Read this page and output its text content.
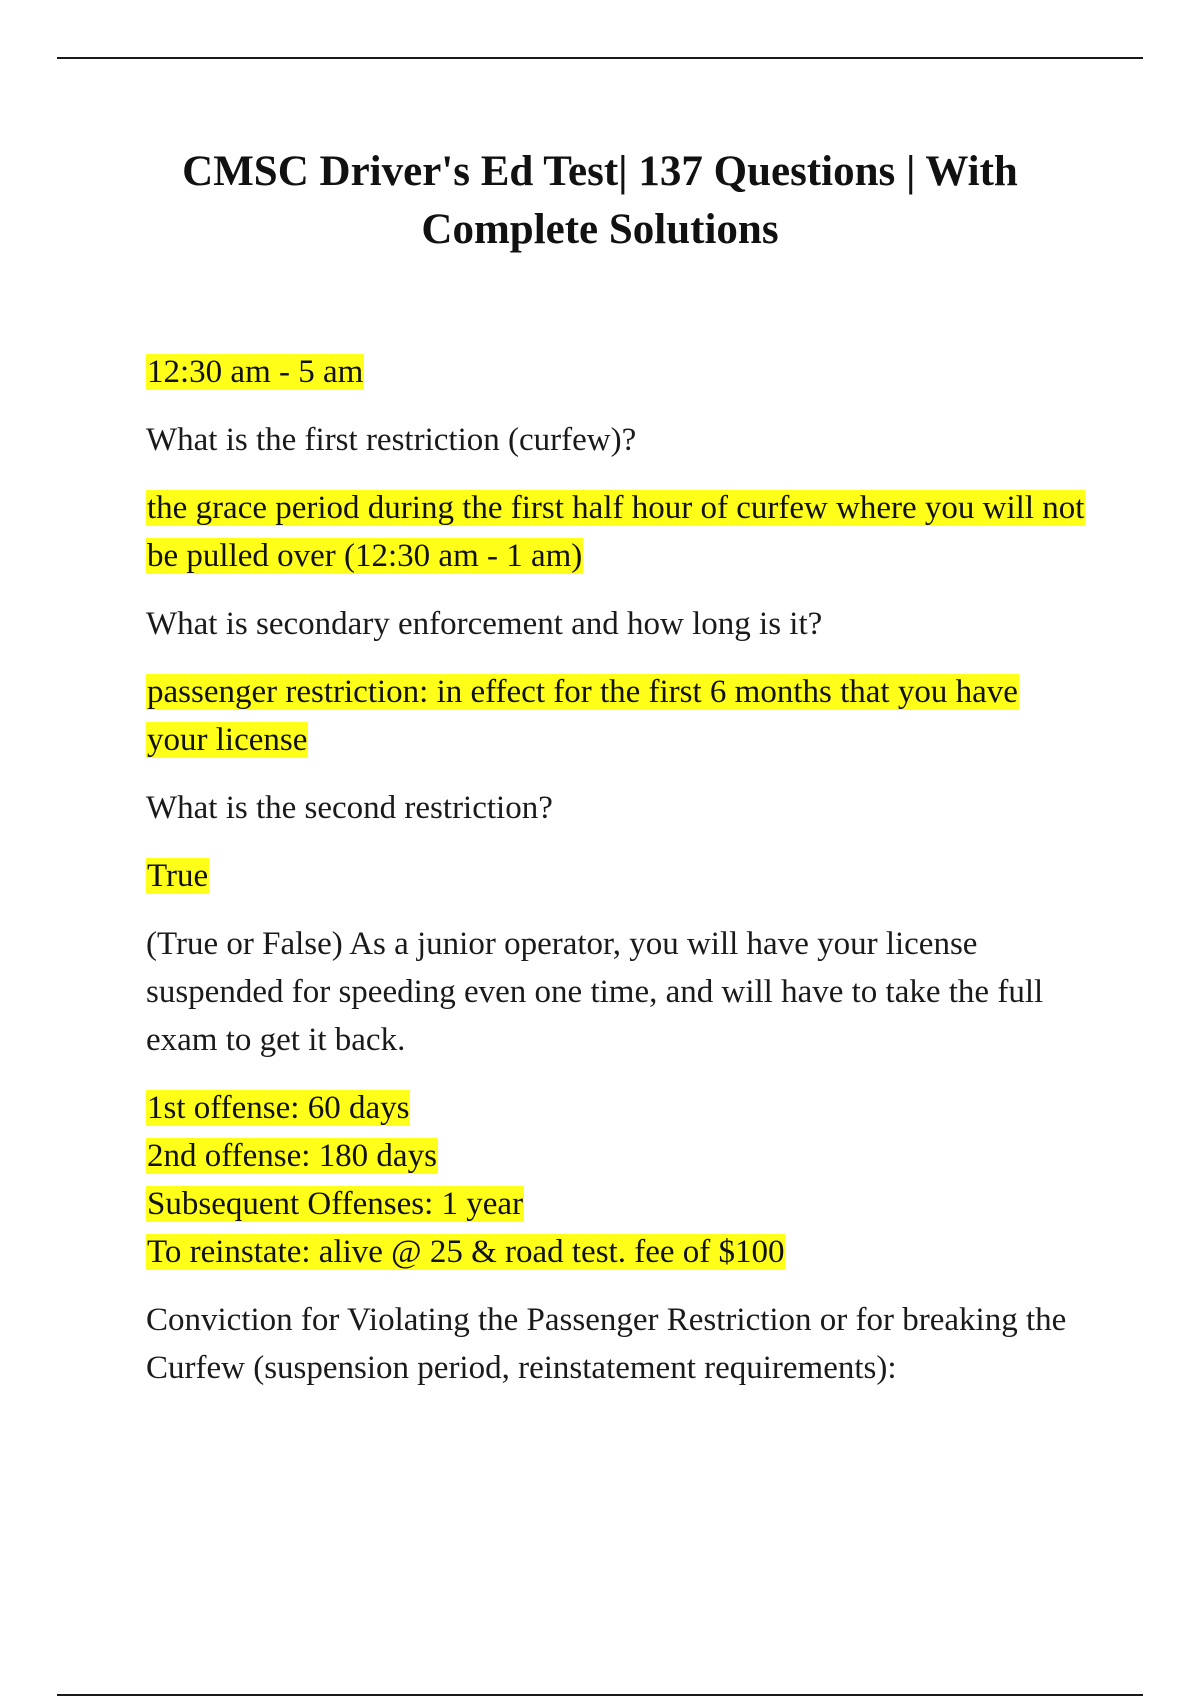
CMSC Driver's Ed Test| 137 Questions | With Complete Solutions

12:30 am - 5 am

What is the first restriction (curfew)?

the grace period during the first half hour of curfew where you will not be pulled over (12:30 am - 1 am)

What is secondary enforcement and how long is it?

passenger restriction: in effect for the first 6 months that you have your license

What is the second restriction?

True

(True or False) As a junior operator, you will have your license suspended for speeding even one time, and will have to take the full exam to get it back.

1st offense: 60 days
2nd offense: 180 days
Subsequent Offenses: 1 year
To reinstate: alive @ 25 & road test. fee of $100

Conviction for Violating the Passenger Restriction or for breaking the Curfew (suspension period, reinstatement requirements):
